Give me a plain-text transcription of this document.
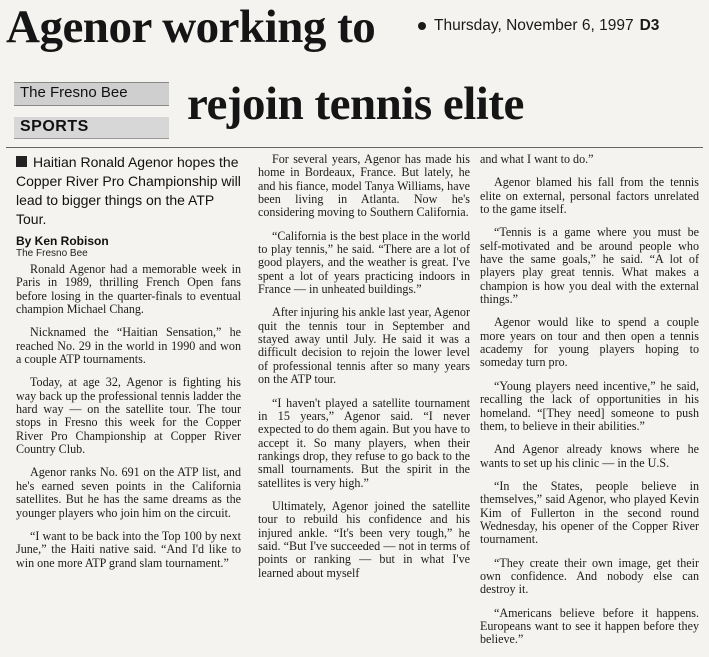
Agenor working to	Thursday, November 6, 1997 D3
The Fresno Bee
SPORTS rejoin tennis elite
Haitian Ronald Agenor hopes the Copper River Pro Championship will lead to bigger things on the ATP Tour.
By Ken Robison
The Fresno Bee

Ronald Agenor had a memorable week in Paris in 1989, thrilling French Open fans before losing in the quarter-finals to eventual champion Michael Chang.

Nicknamed the “Haitian Sensation,” he reached No. 29 in the world in 1990 and won a couple ATP tournaments.

Today, at age 32, Agenor is fighting his way back up the professional tennis ladder the hard way — on the satellite tour. The tour stops in Fresno this week for the Copper River Pro Championship at Copper River Country Club.

Agenor ranks No. 691 on the ATP list, and he's earned seven points in the California satellites. But he has the same dreams as the younger players who join him on the circuit.

“I want to be back into the Top 100 by next June,” the Haiti native said. “And I'd like to win one more ATP grand slam tournament.”

For several years, Agenor has made his home in Bordeaux, France. But lately, he and his fiance, model Tanya Williams, have been living in Atlanta. Now he's considering moving to Southern California.

“California is the best place in the world to play tennis,” he said. “There are a lot of good players, and the weather is great. I've spent a lot of years practicing indoors in France — in unheated buildings.”

After injuring his ankle last year, Agenor quit the tennis tour in September and stayed away until July. He said it was a difficult decision to rejoin the lower level of professional tennis after so many years on the ATP tour.

“I haven't played a satellite tournament in 15 years,” Agenor said. “I never expected to do them again. But you have to accept it. So many players, when their rankings drop, they refuse to go back to the small tournaments. But the spirit in the satellites is very high.”

Ultimately, Agenor joined the satellite tour to rebuild his confidence and his injured ankle. “It's been very tough,” he said. “But I've succeeded — not in terms of points or ranking — but in what I've learned about myself

and what I want to do.”

Agenor blamed his fall from the tennis elite on external, personal factors unrelated to the game itself.

“Tennis is a game where you must be self-motivated and be around people who have the same goals,” he said. “A lot of players play great tennis. What makes a champion is how you deal with the external things.”

Agenor would like to spend a couple more years on tour and then open a tennis academy for young players hoping to someday turn pro.

“Young players need incentive,” he said, recalling the lack of opportunities in his homeland. “[They need] someone to push them, to believe in their abilities.”

And Agenor already knows where he wants to set up his clinic — in the U.S.

“In the States, people believe in themselves,” said Agenor, who played Kevin Kim of Fullerton in the second round Wednesday, his opener of the Copper River tournament.

“They create their own image, get their own confidence. And nobody else can destroy it.

“Americans believe before it happens. Europeans want to see it happen before they believe.”
